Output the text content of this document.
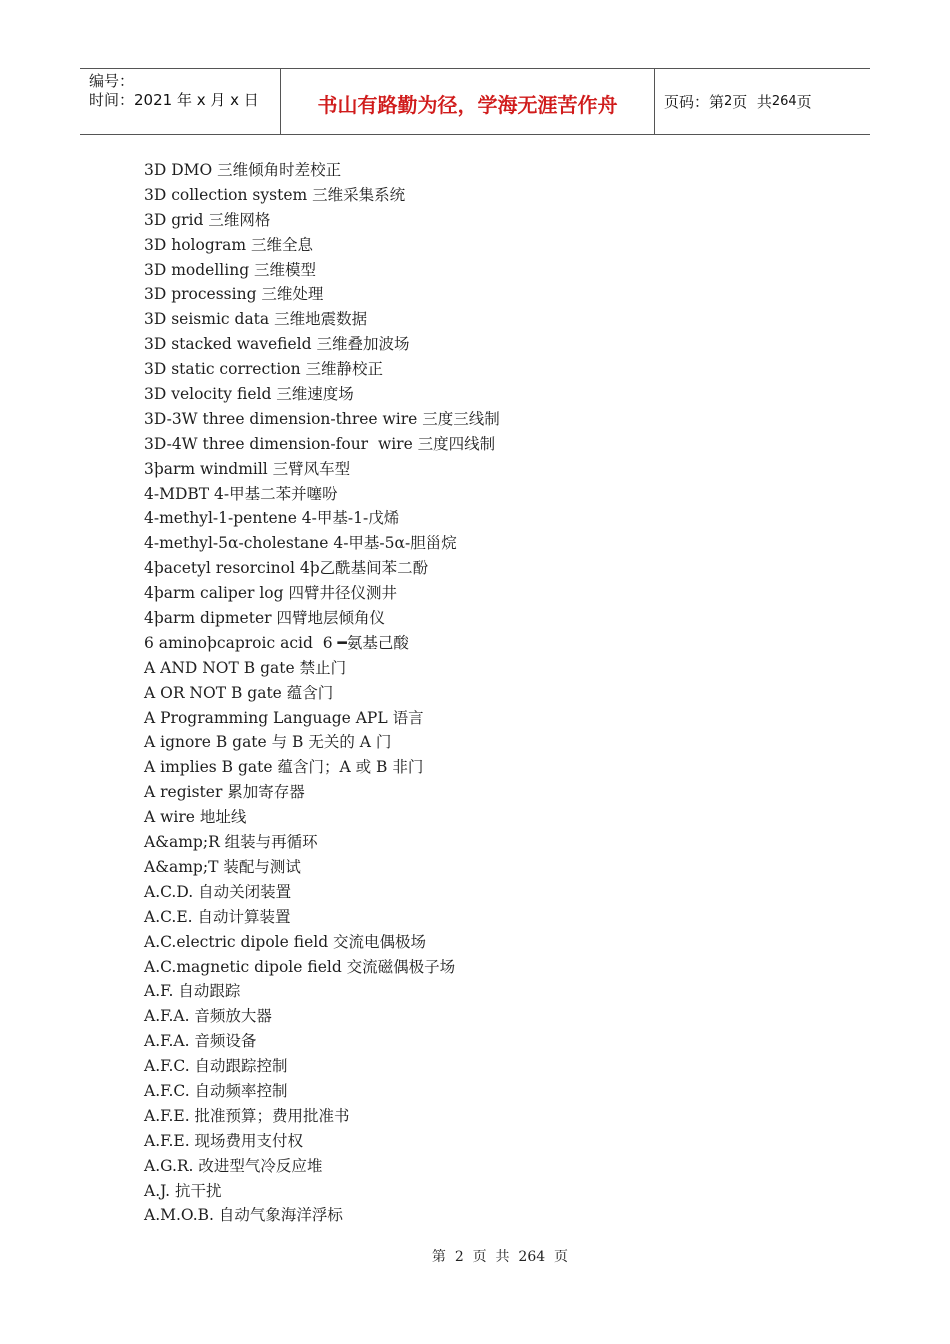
编号：
时间：2021 年 x 月 x 日	书山有路勤为径，学海无涯苦作舟	页码：第 2 页  共 264 页
3D DMO 三维倾角时差校正
3D collection system 三维采集系统
3D grid 三维网格
3D hologram 三维全息
3D modelling 三维模型
3D processing 三维处理
3D seismic data 三维地震数据
3D stacked wavefield 三维叠加波场
3D static correction 三维静校正
3D velocity field 三维速度场
3D-3W three dimension-three wire 三度三线制
3D-4W three dimension-four  wire 三度四线制
3ϸarm windmill 三臂风车型
4-MDBT 4-甲基二苯并噻吩
4-methyl-1-pentene 4-甲基-1-戊烯
4-methyl-5α-cholestane 4-甲基-5α-胆甾烷
4ϸacetyl resorcinol 4ϸ乙酰基间苯二酚
4ϸarm caliper log 四臂井径仪测井
4ϸarm dipmeter 四臂地层倾角仪
6 aminoϸcaproic acid  6 ━氨基己酸
A AND NOT B gate 禁止门
A OR NOT B gate 蕴含门
A Programming Language APL 语言
A ignore B gate 与 B 无关的 A 门
A implies B gate 蕴含门；A 或 B 非门
A register 累加寄存器
A wire 地址线
A&amp;R 组装与再循环
A&amp;T 装配与测试
A.C.D. 自动关闭装置
A.C.E. 自动计算装置
A.C.electric dipole field 交流电偶极场
A.C.magnetic dipole field 交流磁偶极子场
A.F. 自动跟踪
A.F.A. 音频放大器
A.F.A. 音频设备
A.F.C. 自动跟踪控制
A.F.C. 自动频率控制
A.F.E. 批准预算；费用批准书
A.F.E. 现场费用支付权
A.G.R. 改进型气冷反应堆
A.J. 抗干扰
A.M.O.B. 自动气象海洋浮标
第  2  页  共  264  页
